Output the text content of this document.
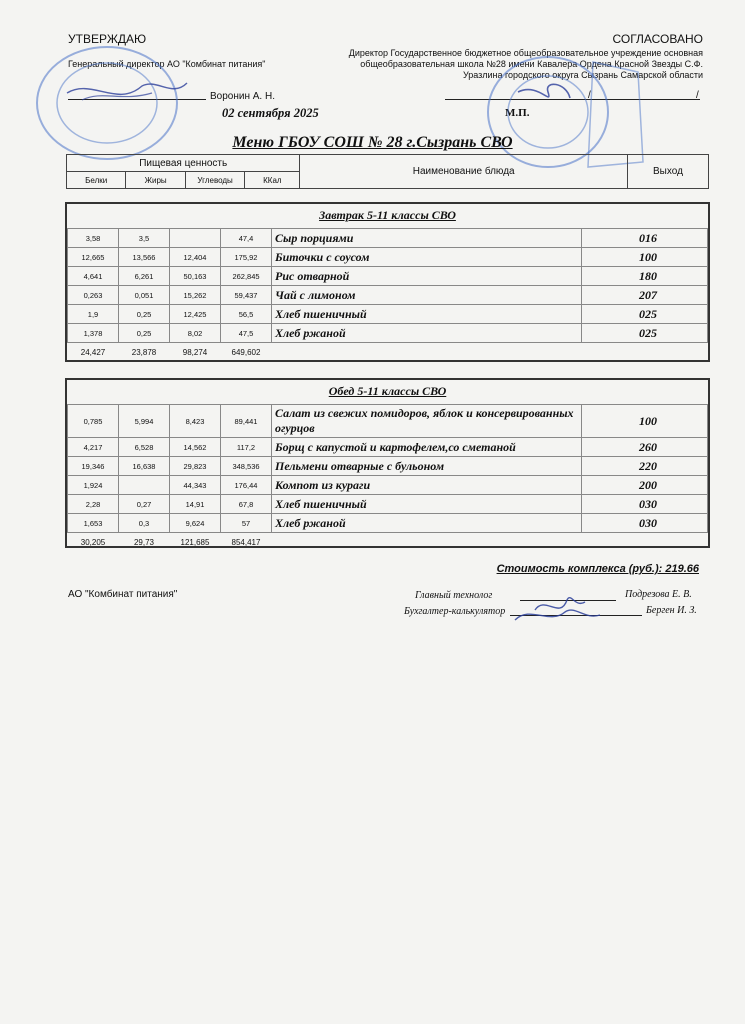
УТВЕРЖДАЮ
Генеральный директор АО "Комбинат питания"
Воронин А. Н.
02 сентября 2025
СОГЛАСОВАНО
Директор Государственное бюджетное общеобразовательное учреждение основная
общеобразовательная школа №28 имени Кавалера Ордена Красной Звезды С.Ф.
Уразлина городского округа Сызрань Самарской области
/	/
М.П.
Меню ГБОУ СОШ № 28 г.Сызрань СВО
Пищевая ценность				Наименование блюда	Выход
Белки	Жиры	Углеводы	ККал		
Завтрак 5-11 классы СВО
3,58	3,5		47,4	Сыр порциями	016
12,665	13,566	12,404	175,92	Биточки с соусом	100
4,641	6,261	50,163	262,845	Рис отварной	180
0,263	0,051	15,262	59,437	Чай с лимоном	207
1,9	0,25	12,425	56,5	Хлеб пшеничный	025
1,378	0,25	8,02	47,5	Хлеб ржаной	025
24,427	23,878	98,274	649,602		
Обед 5-11 классы СВО
0,785	5,994	8,423	89,441	Салат из свежих помидоров, яблок и консервированных огурцов	100
4,217	6,528	14,562	117,2	Борщ с капустой и картофелем,со сметаной	260
19,346	16,638	29,823	348,536	Пельмени отварные с бульоном	220
1,924		44,343	176,44	Компот из кураги	200
2,28	0,27	14,91	67,8	Хлеб пшеничный	030
1,653	0,3	9,624	57	Хлеб ржаной	030
30,205	29,73	121,685	854,417		
Стоимость комплекса (руб.): 219.66
АО "Комбинат питания"	Главный технолог	Подрезова Е. В.
Бухгалтер-калькулятор	Берген И. З.
